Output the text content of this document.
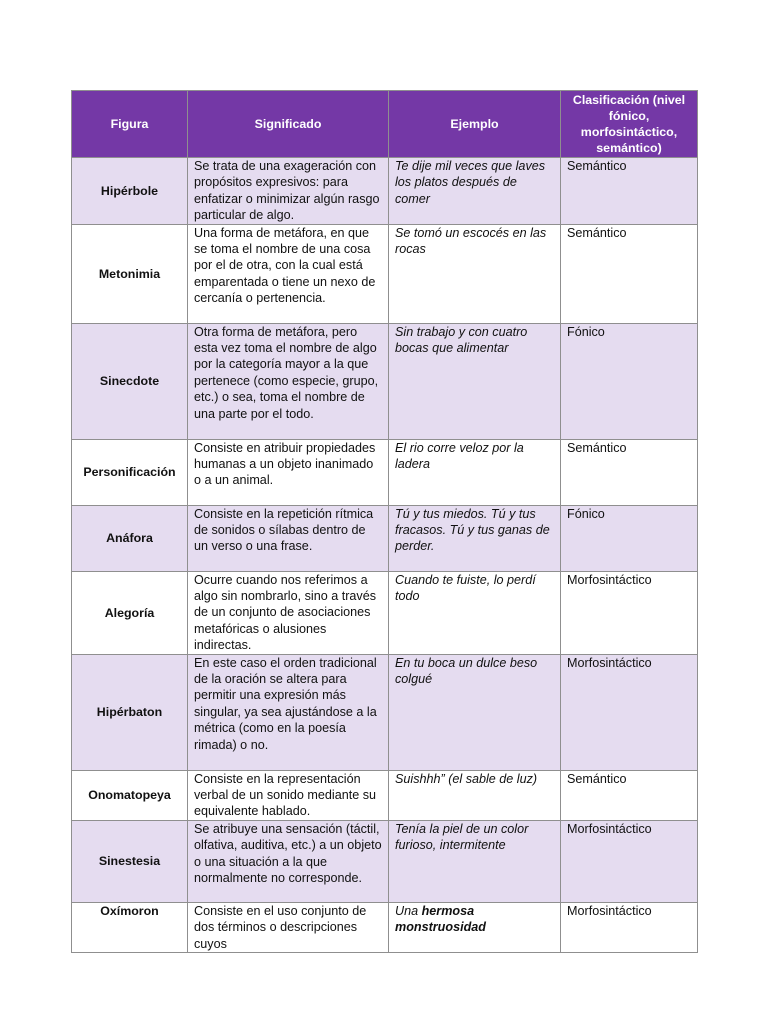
Figura	Significado	Ejemplo	Clasificación (nivel fónico, morfosintáctico, semántico)
Hipérbole	Se trata de una exageración con propósitos expresivos: para enfatizar o minimizar algún rasgo particular de algo.	Te dije mil veces que laves los platos después de comer	Semántico
Metonimia	Una forma de metáfora, en que se toma el nombre de una cosa por el de otra, con la cual está emparentada o tiene un nexo de cercanía o pertenencia.	Se tomó un escocés en las rocas	Semántico
Sinecdote	Otra forma de metáfora, pero esta vez toma el nombre de algo por la categoría mayor a la que pertenece (como especie, grupo, etc.) o sea, toma el nombre de una parte por el todo.	Sin trabajo y con cuatro bocas que alimentar	Fónico
Personificación	Consiste en atribuir propiedades humanas a un objeto inanimado o a un animal.	El rio corre veloz por la ladera	Semántico
Anáfora	Consiste en la repetición rítmica de sonidos o sílabas dentro de un verso o una frase.	Tú y tus miedos. Tú y tus fracasos. Tú y tus ganas de perder.	Fónico
Alegoría	Ocurre cuando nos referimos a algo sin nombrarlo, sino a través de un conjunto de asociaciones metafóricas o alusiones indirectas.	Cuando te fuiste, lo perdí todo	Morfosintáctico
Hipérbaton	En este caso el orden tradicional de la oración se altera para permitir una expresión más singular, ya sea ajustándose a la métrica (como en la poesía rimada) o no.	En tu boca un dulce beso colgué	Morfosintáctico
Onomatopeya	Consiste en la representación verbal de un sonido mediante su equivalente hablado.	Suishhh” (el sable de luz)	Semántico
Sinestesia	Se atribuye una sensación (táctil, olfativa, auditiva, etc.) a un objeto o una situación a la que normalmente no corresponde.	Tenía la piel de un color furioso, intermitente	Morfosintáctico
Oxímoron	Consiste en el uso conjunto de dos términos o descripciones cuyos	Una hermosa monstruosidad	Morfosintáctico
